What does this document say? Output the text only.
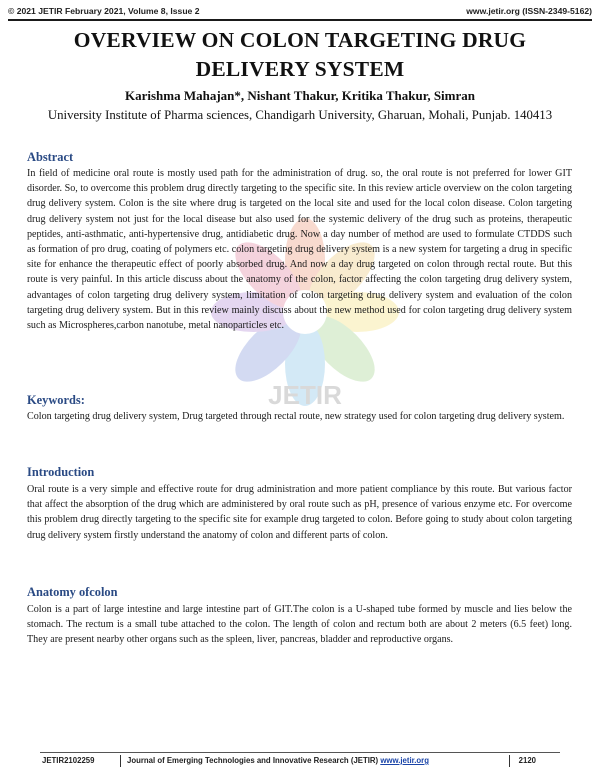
© 2021 JETIR February 2021, Volume 8, Issue 2	www.jetir.org (ISSN-2349-5162)
OVERVIEW ON COLON TARGETING DRUG
DELIVERY SYSTEM
Karishma Mahajan*, Nishant Thakur, Kritika Thakur, Simran
University Institute of Pharma sciences, Chandigarh University, Gharuan, Mohali, Punjab. 140413
JETIR
Abstract
In field of medicine oral route is mostly used path for the administration of drug. so, the oral route is not preferred for lower GIT disorder. So, to overcome this problem drug directly targeting to the specific site. In this review article overview on the colon targeting drug delivery system. Colon is the site where drug is targeted on the local site and used for the local colon disease. Colon targeting drug delivery system not just for the local disease but also used for the systemic delivery of the drug such as proteins, therapeutic peptides, anti-asthmatic, anti-hypertensive drug, antidiabetic drug. Now a day number of method are used to formulate CTDDS such as formation of pro drug, coating of polymers etc. colon targeting drug delivery system is a new system for targeting a drug in specific site for enhance the therapeutic effect of poorly absorbed drug. And now a day drug targeted on colon through rectal route. But this route is very painful. In this article discuss about the anatomy of the colon, factor affecting the colon targeting drug delivery system, advantages of colon targeting drug delivery system, limitation of colon targeting drug delivery system and evaluation of the colon targeting drug delivery system. But in this review mainly discuss about the new method used for colon targeting drug delivery system such as Microspheres,carbon nanotube, metal nanoparticles etc.
Keywords:
Colon targeting drug delivery system, Drug targeted through rectal route, new strategy used for colon targeting drug delivery system.
Introduction
Oral route is a very simple and effective route for drug administration and more patient compliance by this route. But various factor that affect the absorption of the drug which are administered by oral route such as pH, presence of various enzyme etc. For overcome this problem drug directly targeting to the specific site for example drug targeted to colon. Before going to study about colon targeting drug delivery system firstly understand the anatomy of colon and different parts of colon.
Anatomy ofcolon
Colon is a part of large intestine and large intestine part of GIT.The colon is a U-shaped tube formed by muscle and lies below the stomach. The rectum is a small tube attached to the colon. The length of colon and rectum both are about 2 meters (6.5 feet) long. They are present nearby other organs such as the spleen, liver, pancreas, bladder and reproductive organs.
JETIR2102259	Journal of Emerging Technologies and Innovative Research (JETIR) www.jetir.org	2120
